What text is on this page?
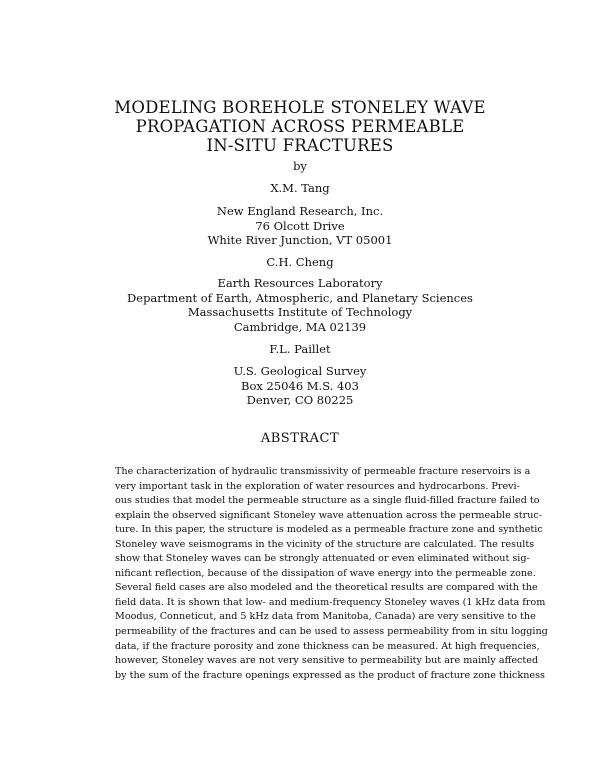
MODELING BOREHOLE STONELEY WAVE
PROPAGATION ACROSS PERMEABLE
IN-SITU FRACTURES
by
X.M. Tang
New England Research, Inc.
76 Olcott Drive
White River Junction, VT 05001
C.H. Cheng
Earth Resources Laboratory
Department of Earth, Atmospheric, and Planetary Sciences
Massachusetts Institute of Technology
Cambridge, MA 02139
F.L. Paillet
U.S. Geological Survey
Box 25046 M.S. 403
Denver, CO 80225
ABSTRACT
The characterization of hydraulic transmissivity of permeable fracture reservoirs is a
very important task in the exploration of water resources and hydrocarbons. Previ-
ous studies that model the permeable structure as a single fluid-filled fracture failed to
explain the observed significant Stoneley wave attenuation across the permeable struc-
ture. In this paper, the structure is modeled as a permeable fracture zone and synthetic
Stoneley wave seismograms in the vicinity of the structure are calculated. The results
show that Stoneley waves can be strongly attenuated or even eliminated without sig-
nificant reflection, because of the dissipation of wave energy into the permeable zone.
Several field cases are also modeled and the theoretical results are compared with the
field data. It is shown that low- and medium-frequency Stoneley waves (1 kHz data from
Moodus, Conneticut, and 5 kHz data from Manitoba, Canada) are very sensitive to the
permeability of the fractures and can be used to assess permeability from in situ logging
data, if the fracture porosity and zone thickness can be measured. At high frequencies,
however, Stoneley waves are not very sensitive to permeability but are mainly affected
by the sum of the fracture openings expressed as the product of fracture zone thickness
